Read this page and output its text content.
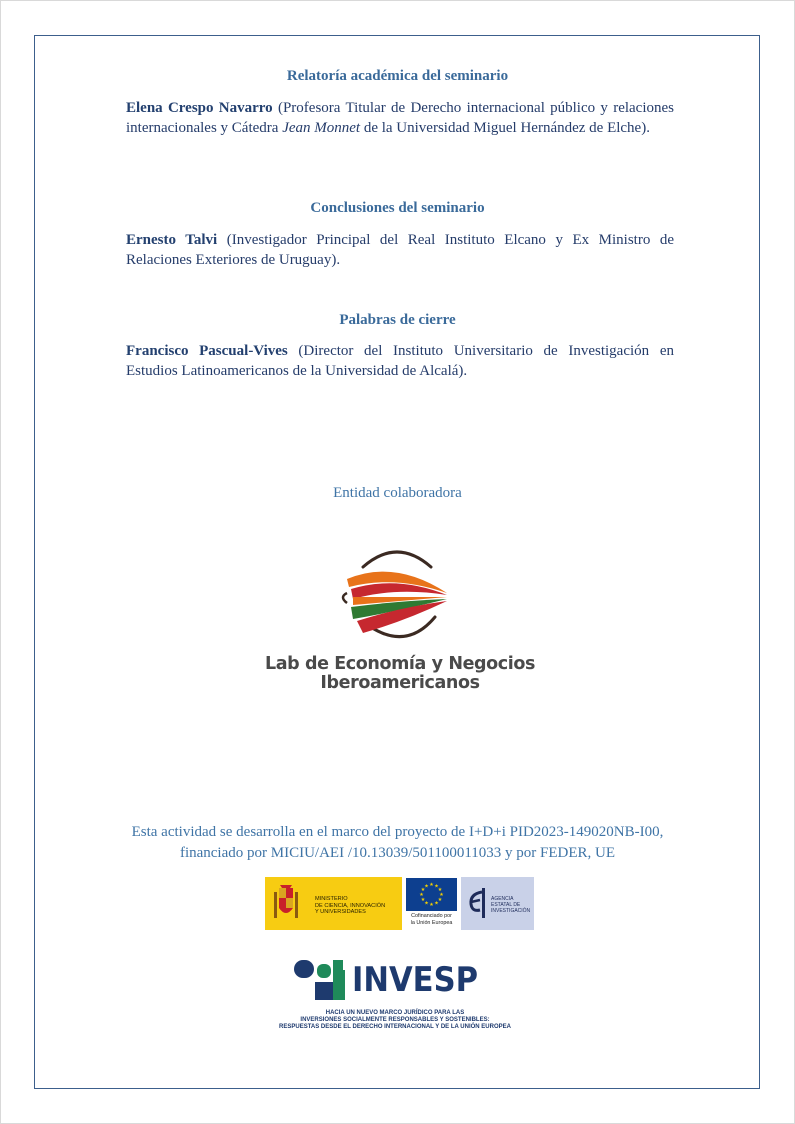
Relatoría académica del seminario
Elena Crespo Navarro (Profesora Titular de Derecho internacional público y relaciones internacionales y Cátedra Jean Monnet de la Universidad Miguel Hernández de Elche).
Conclusiones del seminario
Ernesto Talvi (Investigador Principal del Real Instituto Elcano y Ex Ministro de Relaciones Exteriores de Uruguay).
Palabras de cierre
Francisco Pascual-Vives (Director del Instituto Universitario de Investigación en Estudios Latinoamericanos de la Universidad de Alcalá).
Entidad colaboradora
Lab de Economía y Negocios
Iberoamericanos
Esta actividad se desarrolla en el marco del proyecto de I+D+i PID2023-149020NB-I00,
financiado por MICIU/AEI /10.13039/501100011033 y por FEDER, UE
MINISTERIO
DE CIENCIA, INNOVACIÓN
Y UNIVERSIDADES
★ ★
★
★
★
★
★
★
★
★
★
★
Cofinanciado por
la Unión Europea
AGENCIA
ESTATAL DE
INVESTIGACIÓN
INVESP
HACIA UN NUEVO MARCO JURÍDICO PARA LAS
INVERSIONES SOCIALMENTE RESPONSABLES Y SOSTENIBLES:
RESPUESTAS DESDE EL DERECHO INTERNACIONAL Y DE LA UNIÓN EUROPEA
